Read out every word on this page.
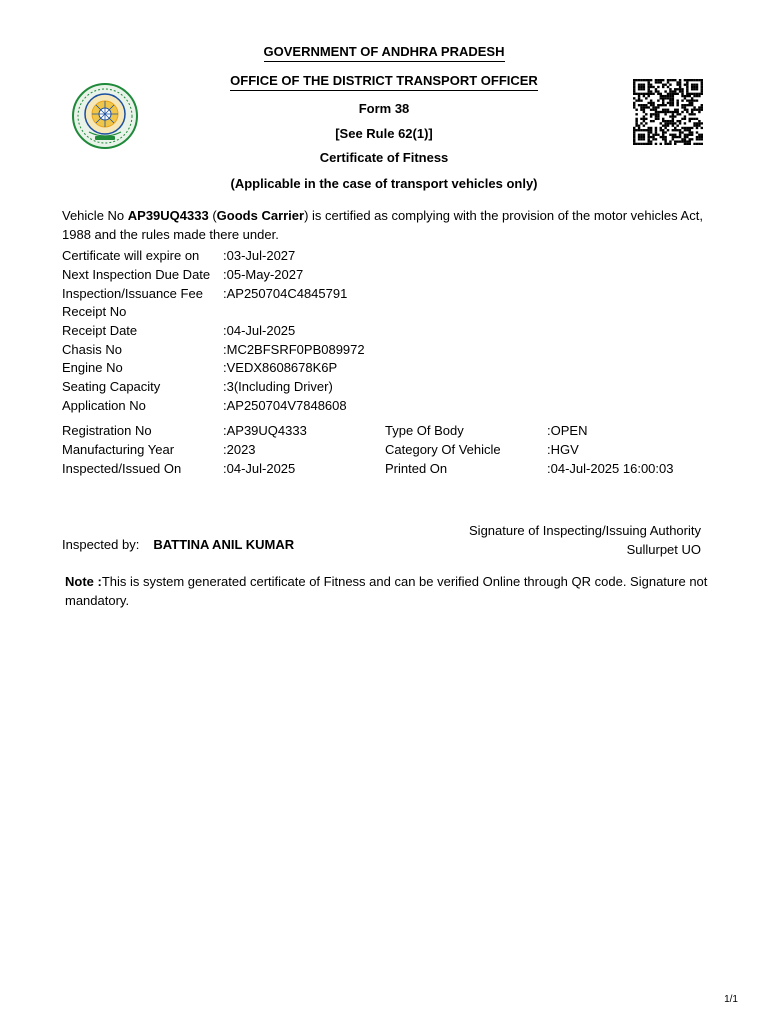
GOVERNMENT OF ANDHRA PRADESH
OFFICE OF THE DISTRICT TRANSPORT OFFICER
Form 38
[See Rule 62(1)]
Certificate of Fitness
(Applicable in the case of transport vehicles only)
Vehicle No AP39UQ4333 (Goods Carrier) is certified as complying with the provision of the motor vehicles Act, 1988 and the rules made there under.
Certificate will expire on :03-Jul-2027
Next Inspection Due Date :05-May-2027
Inspection/Issuance Fee :AP250704C4845791
Receipt No
Receipt Date	:04-Jul-2025
Chasis No	:MC2BFSRF0PB089972
Engine No	:VEDX8608678K6P
Seating Capacity	:3(Including Driver)
Application No	:AP250704V7848608
Registration No	:AP39UQ4333	Type Of Body	:OPEN
Manufacturing Year	:2023	Category Of Vehicle	:HGV
Inspected/Issued On	:04-Jul-2025	Printed On	:04-Jul-2025 16:00:03
Signature of Inspecting/Issuing Authority
Sullurpet UO
Inspected by: BATTINA ANIL KUMAR
Note :This is system generated certificate of Fitness and can be verified Online through QR code. Signature not mandatory.
1/1
